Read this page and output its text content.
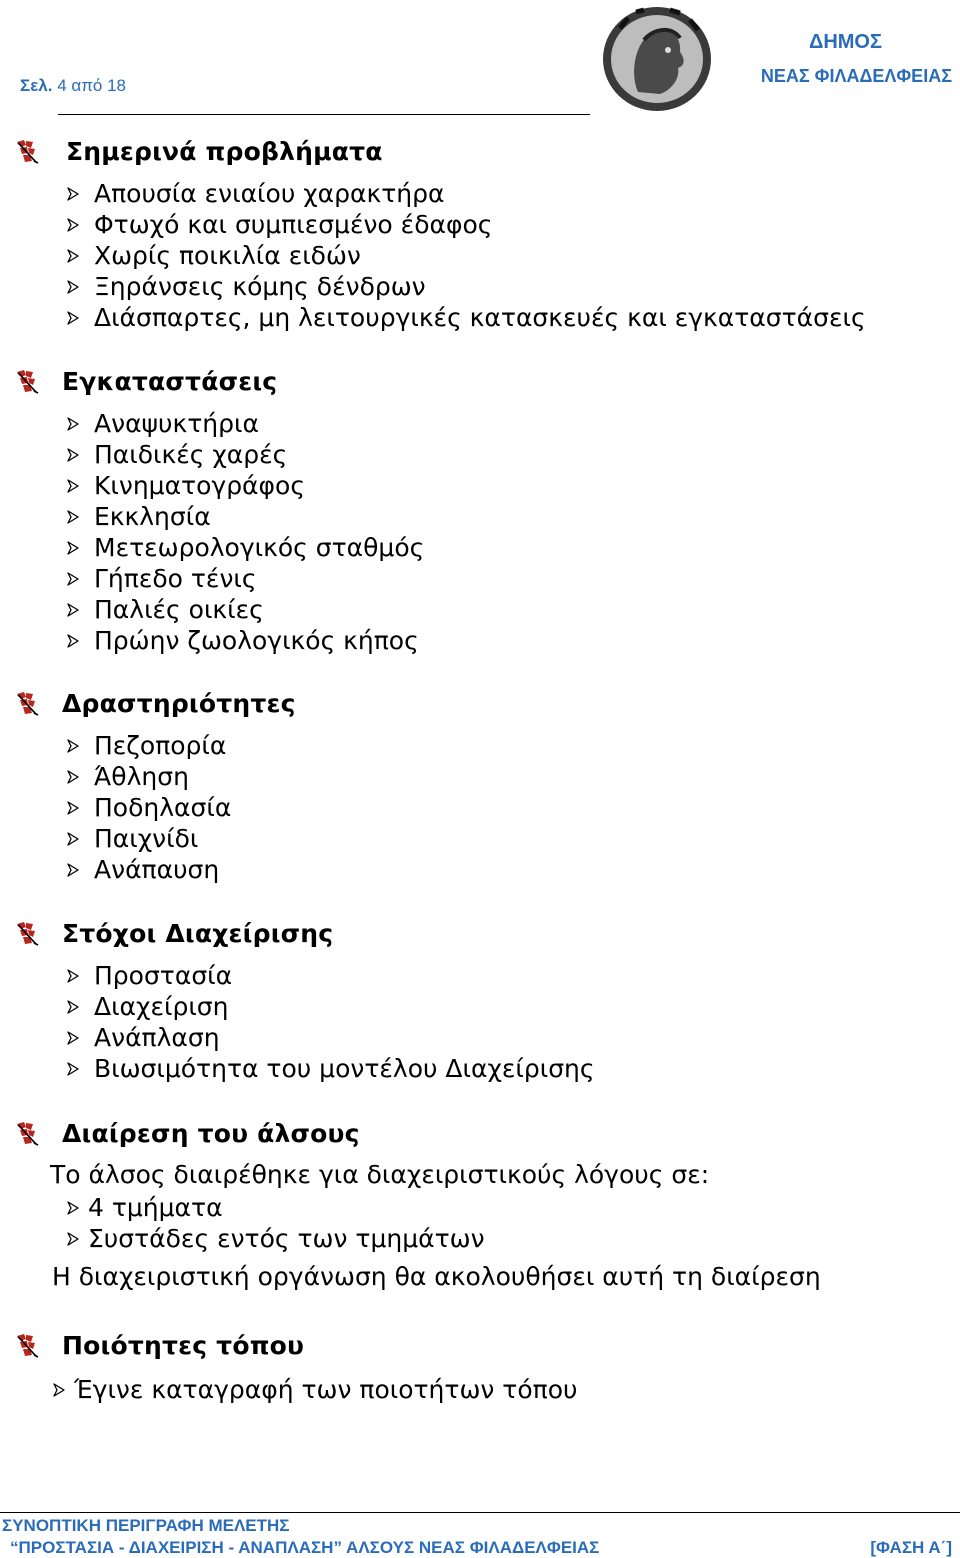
Σελ. 4 από 18
ΔΗΜΟΣ
ΝΕΑΣ ΦΙΛΑΔΕΛΦΕΙΑΣ
Σημερινά προβλήματα
Απουσία ενιαίου χαρακτήρα
Φτωχό και συμπιεσμένο έδαφος
Χωρίς ποικιλία ειδών
Ξηράνσεις κόμης δένδρων
Διάσπαρτες, μη λειτουργικές κατασκευές και εγκαταστάσεις
Εγκαταστάσεις
Αναψυκτήρια
Παιδικές χαρές
Κινηματογράφος
Εκκλησία
Μετεωρολογικός σταθμός
Γήπεδο τένις
Παλιές οικίες
Πρώην ζωολογικός κήπος
Δραστηριότητες
Πεζοπορία
Άθληση
Ποδηλασία
Παιχνίδι
Ανάπαυση
Στόχοι Διαχείρισης
Προστασία
Διαχείριση
Ανάπλαση
Βιωσιμότητα του μοντέλου Διαχείρισης
Διαίρεση του άλσους
Το άλσος διαιρέθηκε για διαχειριστικούς λόγους σε:
4 τμήματα
Συστάδες εντός των τμημάτων
Η διαχειριστική οργάνωση θα ακολουθήσει αυτή τη διαίρεση
Ποιότητες τόπου
Έγινε καταγραφή των ποιοτήτων τόπου
ΣΥΝΟΠΤΙΚΗ ΠΕΡΙΓΡΑΦΗ ΜΕΛΕΤΗΣ
“ΠΡΟΣΤΑΣΙΑ - ΔΙΑΧΕΙΡΙΣΗ - ΑΝΑΠΛΑΣΗ” ΑΛΣΟΥΣ ΝΕΑΣ ΦΙΛΑΔΕΛΦΕΙΑΣ	[ΦΑΣΗ Α΄]
